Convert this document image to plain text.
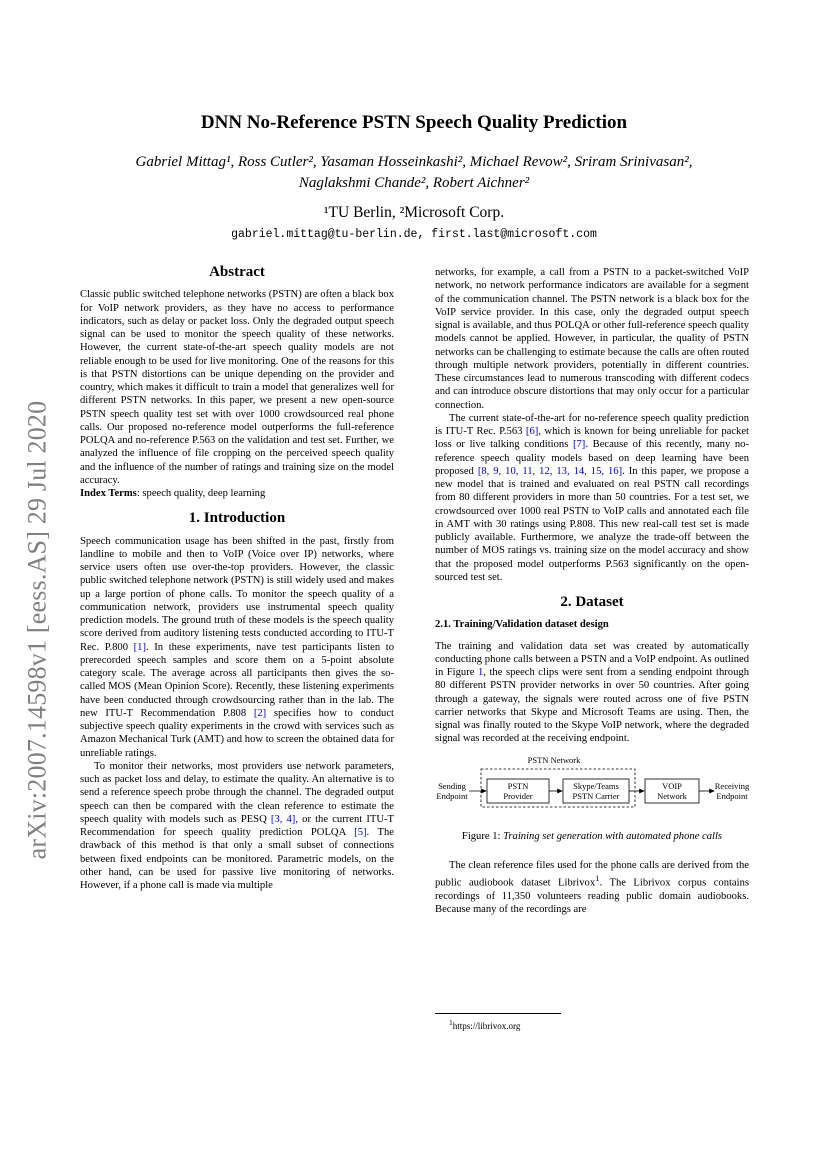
arXiv:2007.14598v1 [eess.AS] 29 Jul 2020
DNN No-Reference PSTN Speech Quality Prediction
Gabriel Mittag¹, Ross Cutler², Yasaman Hosseinkashi², Michael Revow², Sriram Srinivasan²,
Naglakshmi Chande², Robert Aichner²
¹TU Berlin, ²Microsoft Corp.
gabriel.mittag@tu-berlin.de, first.last@microsoft.com
Abstract

Classic public switched telephone networks (PSTN) are often a black box for VoIP network providers, as they have no access to performance indicators, such as delay or packet loss. Only the degraded output speech signal can be used to monitor the speech quality of these networks. However, the current state-of-the-art speech quality models are not reliable enough to be used for live monitoring. One of the reasons for this is that PSTN distortions can be unique depending on the provider and country, which makes it difficult to train a model that generalizes well for different PSTN networks. In this paper, we present a new open-source PSTN speech quality test set with over 1000 crowdsourced real phone calls. Our proposed no-reference model outperforms the full-reference POLQA and no-reference P.563 on the validation and test set. Further, we analyzed the influence of file cropping on the perceived speech quality and the influence of the number of ratings and training size on the model accuracy.

Index Terms: speech quality, deep learning

1. Introduction

Speech communication usage has been shifted in the past, firstly from landline to mobile and then to VoIP (Voice over IP) networks, where service users often use over-the-top providers. However, the classic public switched telephone network (PSTN) is still widely used and makes up a large portion of phone calls. To monitor the speech quality of a communication network, providers use instrumental speech quality prediction models. The ground truth of these models is the speech quality score derived from auditory listening tests conducted according to ITU-T Rec. P.800 [1]. In these experiments, nave test participants listen to prerecorded speech samples and score them on a 5-point absolute category scale. The average across all participants then gives the so-called MOS (Mean Opinion Score). Recently, these listening experiments have been conducted through crowdsourcing rather than in the lab. The new ITU-T Recommendation P.808 [2] specifies how to conduct subjective speech quality experiments in the crowd with services such as Amazon Mechanical Turk (AMT) and how to screen the obtained data for unreliable ratings.

To monitor their networks, most providers use network parameters, such as packet loss and delay, to estimate the quality. An alternative is to send a reference speech probe through the channel. The degraded output speech can then be compared with the clean reference to estimate the speech quality with models such as PESQ [3, 4], or the current ITU-T Recommendation for speech quality prediction POLQA [5]. The drawback of this method is that only a small subset of connections between fixed endpoints can be monitored. Parametric models, on the other hand, can be used for passive live monitoring of networks. However, if a phone call is made via multiple

networks, for example, a call from a PSTN to a packet-switched VoIP network, no network performance indicators are available for a segment of the communication channel. The PSTN network is a black box for the VoIP service provider. In this case, only the degraded output speech signal is available, and thus POLQA or other full-reference speech quality models cannot be applied. However, in particular, the quality of PSTN networks can be challenging to estimate because the calls are often routed through multiple network providers, potentially in different countries. These circumstances lead to numerous transcoding with different codecs and can introduce obscure distortions that may only occur for a particular connection.

The current state-of-the-art for no-reference speech quality prediction is ITU-T Rec. P.563 [6], which is known for being unreliable for packet loss or live talking conditions [7]. Because of this recently, many no-reference speech quality models based on deep learning have been proposed [8, 9, 10, 11, 12, 13, 14, 15, 16]. In this paper, we propose a new model that is trained and evaluated on real PSTN call recordings from 80 different providers in more than 50 countries. For a test set, we crowdsourced over 1000 real PSTN to VoIP calls and annotated each file in AMT with 30 ratings using P.808. This new real-call test set is made publicly available. Furthermore, we analyze the trade-off between the number of MOS ratings vs. training size on the model accuracy and show that the proposed model outperforms P.563 significantly on the open-sourced test set.

2. Dataset
2.1. Training/Validation dataset design

The training and validation data set was created by automatically conducting phone calls between a PSTN and a VoIP endpoint. As outlined in Figure 1, the speech clips were sent from a sending endpoint through 80 different PSTN provider networks in over 50 countries. After going through a gateway, the signals were routed across one of five PSTN carrier networks that Skype and Microsoft Teams are using. Then, the signal was finally routed to the Skype VoIP network, where the degraded signal was recorded at the receiving endpoint.

PSTN Network
Sending
Endpoint
PSTN
Provider
Skype/Teams
PSTN Carrier
VOIP
Network
Receiving
Endpoint
Figure 1: Training set generation with automated phone calls

The clean reference files used for the phone calls are derived from the public audiobook dataset Librivox$^1$. The Librivox corpus contains recordings of 11,350 volunteers reading public domain audiobooks. Because many of the recordings are

$^1$https://librivox.org
